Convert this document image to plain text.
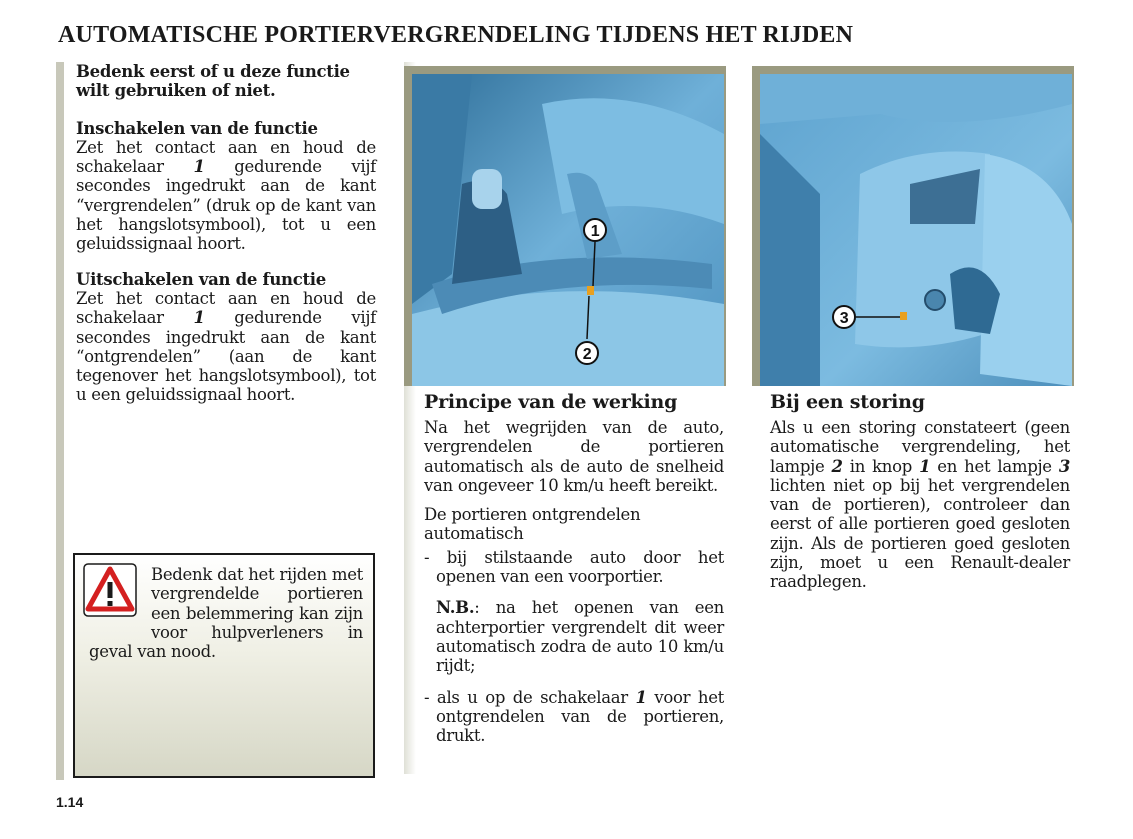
AUTOMATISCHE PORTIERVERGRENDELING TIJDENS HET RIJDEN

Bedenk eerst of u deze functie wilt gebruiken of niet.

Inschakelen van de functie

Zet het contact aan en houd de schakelaar 1 gedurende vijf secondes ingedrukt aan de kant “vergrendelen” (druk op de kant van het hangslotsymbool), tot u een geluidssignaal hoort.

Uitschakelen van de functie

Zet het contact aan en houd de schakelaar 1 gedurende vijf secondes ingedrukt aan de kant “ontgrendelen” (aan de kant tegenover het hangslotsymbool), tot u een geluidssignaal hoort.

Bedenk dat het rijden met vergrendelde portieren een belemmering kan zijn voor hulpverleners in geval van nood.

1
2
Principe van de werking

Na het wegrijden van de auto, vergrendelen de portieren automatisch als de auto de snelheid van ongeveer 10 km/u heeft bereikt.

De portieren ontgrendelen automatisch

- bij stilstaande auto door het openen van een voorportier.

N.B.: na het openen van een achterportier vergrendelt dit weer automatisch zodra de auto 10 km/u rijdt;

- als u op de schakelaar 1 voor het ontgrendelen van de portieren, drukt.

3
Bij een storing

Als u een storing constateert (geen automatische vergrendeling, het lampje 2 in knop 1 en het lampje 3 lichten niet op bij het vergrendelen van de portieren), controleer dan eerst of alle portieren goed gesloten zijn. Als de portieren goed gesloten zijn, moet u een Renault-dealer raadplegen.

1.14
